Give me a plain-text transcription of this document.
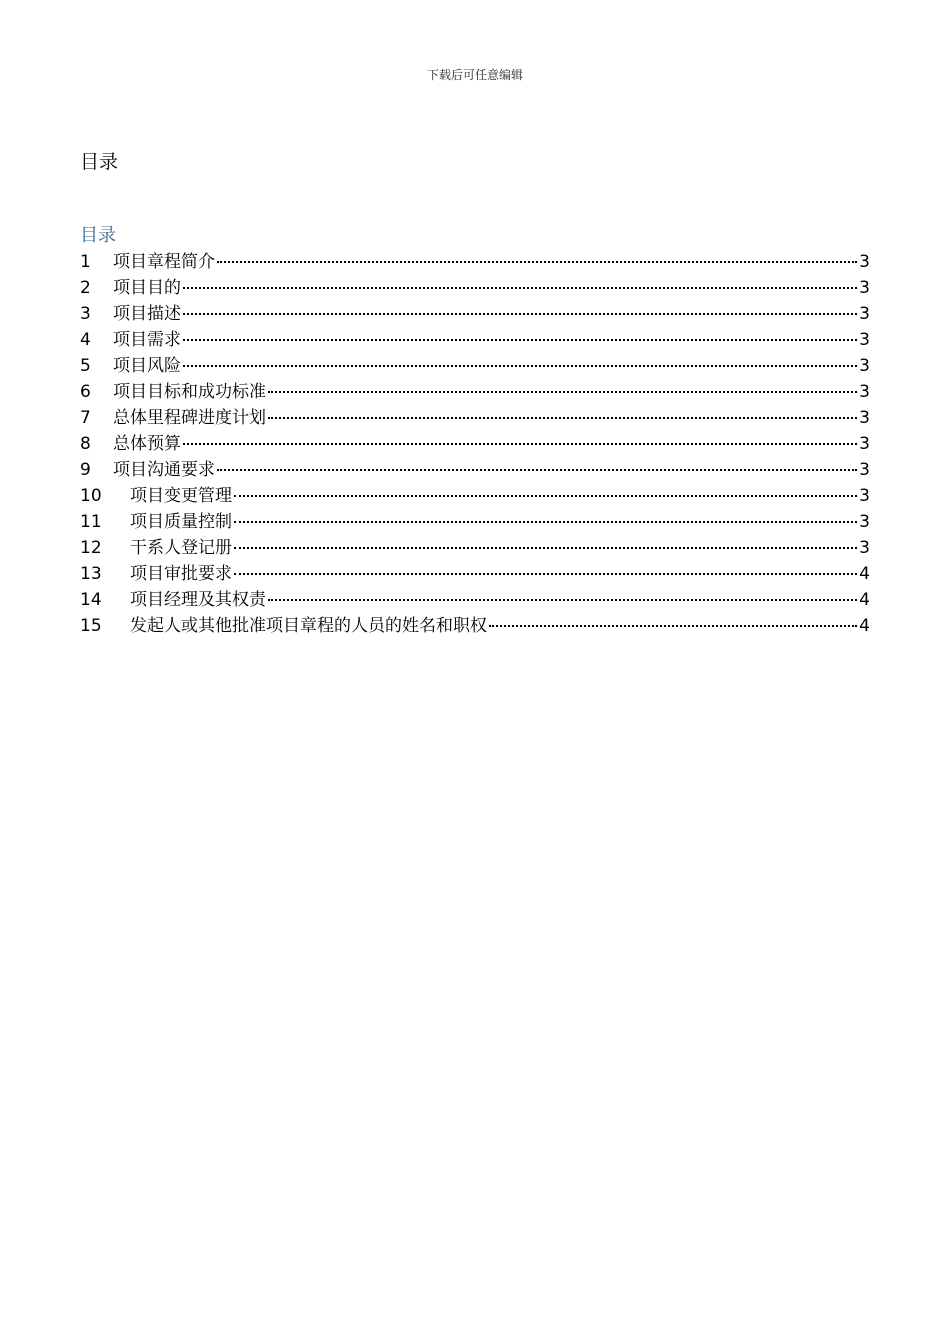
下载后可任意编辑
目录
目录
1	项目章程简介	3
2	项目目的	3
3	项目描述	3
4	项目需求	3
5	项目风险	3
6	项目目标和成功标准	3
7	总体里程碑进度计划	3
8	总体预算	3
9	项目沟通要求	3
10	项目变更管理	3
11	项目质量控制	3
12	干系人登记册	3
13	项目审批要求	4
14	项目经理及其权责	4
15	发起人或其他批准项目章程的人员的姓名和职权	4
